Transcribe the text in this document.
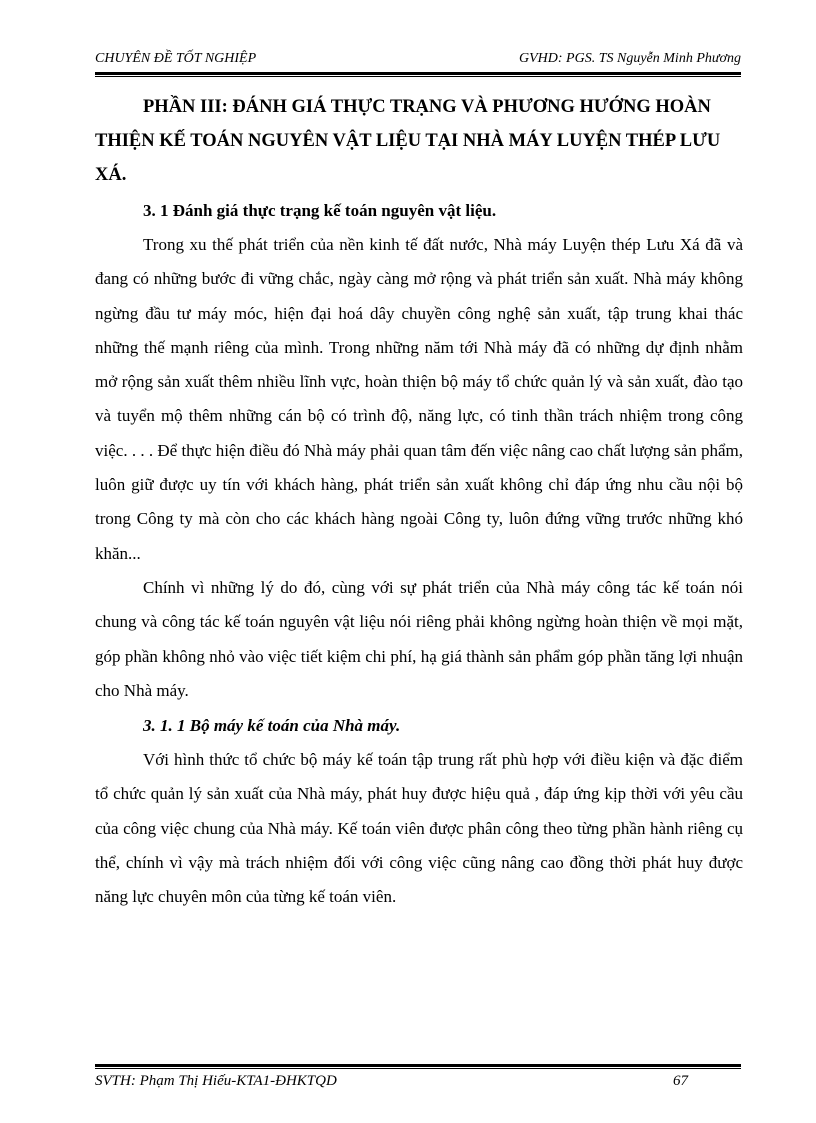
CHUYÊN ĐỀ TỐT NGHIỆP	GVHD: PGS. TS Nguyễn Minh Phương

PHẦN III: ĐÁNH GIÁ THỰC TRẠNG VÀ PHƯƠNG HƯỚNG HOÀN THIỆN KẾ TOÁN NGUYÊN VẬT LIỆU TẠI NHÀ MÁY LUYỆN THÉP LƯU XÁ.

3. 1 Đánh giá thực trạng kế toán nguyên vật liệu.

Trong xu thế phát triển của nền kinh tế đất nước, Nhà máy Luyện thép Lưu Xá đã và đang có những bước đi vững chắc, ngày càng mở rộng và phát triển sản xuất. Nhà máy không ngừng đầu tư máy móc, hiện đại hoá dây chuyền công nghệ sản xuất, tập trung khai thác những thế mạnh riêng của mình. Trong những năm tới Nhà máy đã có những dự định nhằm mở rộng sản xuất thêm nhiều lĩnh vực, hoàn thiện bộ máy tổ chức quản lý và sản xuất, đào tạo và tuyển mộ thêm những cán bộ có trình độ, năng lực, có tinh thần trách nhiệm trong công việc. . . . Để thực hiện điều đó Nhà máy phải quan tâm đến việc nâng cao chất lượng sản phẩm, luôn giữ được uy tín với khách hàng, phát triển sản xuất không chỉ đáp ứng nhu cầu nội bộ trong Công ty mà còn cho các khách hàng ngoài Công ty, luôn đứng vững trước những khó khăn...

Chính vì những lý do đó, cùng với sự phát triển của Nhà máy công tác kế toán nói chung và công tác kế toán nguyên vật liệu nói riêng phải không ngừng hoàn thiện về mọi mặt, góp phần không nhỏ vào việc tiết kiệm chi phí, hạ giá thành sản phẩm góp phần tăng lợi nhuận cho Nhà máy.

3. 1. 1 Bộ máy kế toán của Nhà máy.

Với hình thức tổ chức bộ máy kế toán tập trung rất phù hợp với điều kiện và đặc điểm tổ chức quản lý sản xuất của Nhà máy, phát huy được hiệu quả , đáp ứng kịp thời với yêu cầu của công việc chung của Nhà máy. Kế toán viên được phân công theo từng phần hành riêng cụ thể, chính vì vậy mà trách nhiệm đối với công việc cũng nâng cao đồng thời phát huy được năng lực chuyên môn của từng kế toán viên.

SVTH: Phạm Thị Hiếu-KTA1-ĐHKTQD	67
